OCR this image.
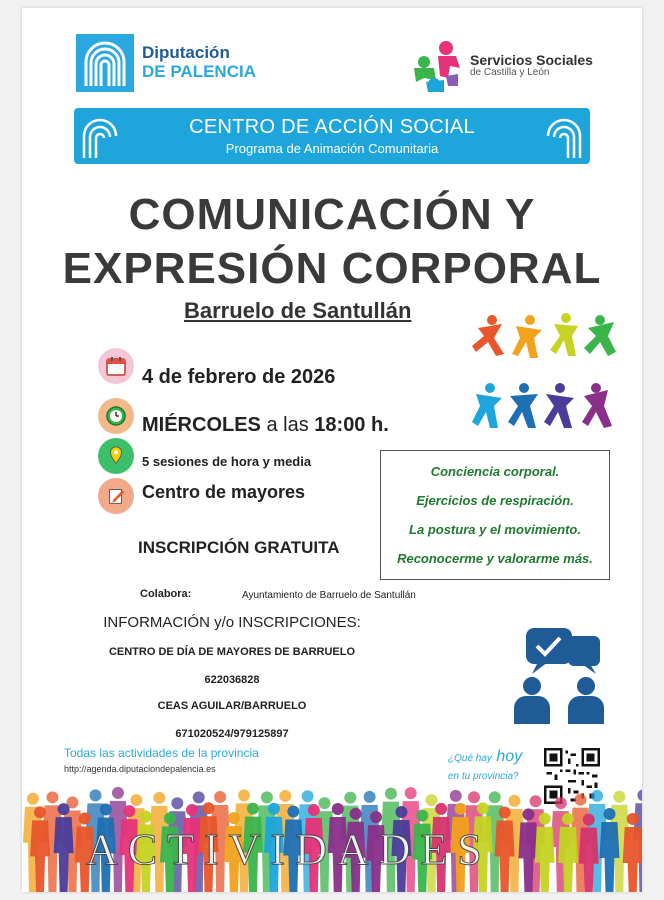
Diputación
DE PALENCIA
Servicios Sociales
de Castilla y León
CENTRO DE ACCIÓN SOCIAL
Programa de Animación Comunitaria
COMUNICACIÓN Y
EXPRESIÓN CORPORAL
Barruelo de Santullán
4 de febrero de 2026
MIÉRCOLES a las 18:00 h.
5 sesiones de hora y media
Centro de mayores
INSCRIPCIÓN GRATUITA
Conciencia corporal.
Ejercicios de respiración.
La postura y el movimiento.
Reconocerme y valorarme más.
Colabora:	Ayuntamiento de Barruelo de Santullán
INFORMACIÓN y/o INSCRIPCIONES:
CENTRO DE DÍA DE MAYORES DE BARRUELO
622036828
CEAS AGUILAR/BARRUELO
671020524/979125897
Todas las actividades de la provincia
http://agenda.diputaciondepalencia.es
¿Qué hay hoy
en tu provincia?
ACTIVIDADES
